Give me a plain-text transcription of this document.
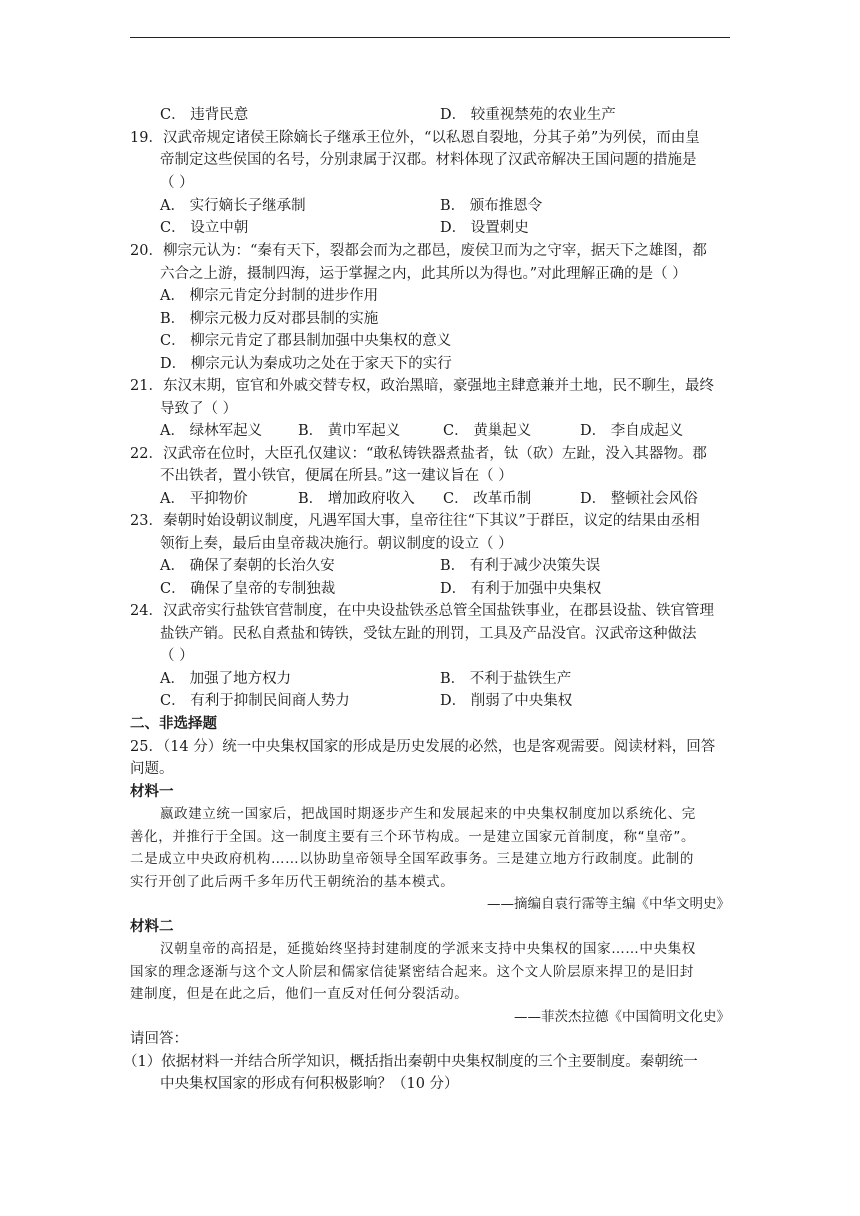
C． 违背民意	D． 较重视禁苑的农业生产
19．汉武帝规定诸侯王除嫡长子继承王位外，“以私恩自裂地，分其子弟”为列侯，而由皇
帝制定这些侯国的名号，分别隶属于汉郡。材料体现了汉武帝解决王国问题的措施是
（ ）
A． 实行嫡长子继承制	B． 颁布推恩令
C． 设立中朝	D． 设置刺史
20．柳宗元认为：“秦有天下，裂都会而为之郡邑，废侯卫而为之守宰，据天下之雄图，都
六合之上游，摄制四海，运于掌握之内，此其所以为得也。”对此理解正确的是（ ）
A． 柳宗元肯定分封制的进步作用
B． 柳宗元极力反对郡县制的实施
C． 柳宗元肯定了郡县制加强中央集权的意义
D． 柳宗元认为秦成功之处在于家天下的实行
21．东汉末期，宦官和外戚交替专权，政治黑暗，豪强地主肆意兼并土地，民不聊生，最终
导致了（ ）
A． 绿林军起义 B． 黄巾军起义	C． 黄巢起义	D． 李自成起义
22．汉武帝在位时，大臣孔仅建议：“敢私铸铁器煮盐者，钛（砍）左趾，没入其器物。郡
不出铁者，置小铁官，便属在所县。”这一建议旨在（ ）
A． 平抑物价	B． 增加政府收入 C． 改革币制	D． 整顿社会风俗
23．秦朝时始设朝议制度，凡遇军国大事，皇帝往往“下其议”于群臣，议定的结果由丞相
领衔上奏，最后由皇帝裁决施行。朝议制度的设立（ ）
A． 确保了秦朝的长治久安	B． 有利于减少决策失误
C． 确保了皇帝的专制独裁	D． 有利于加强中央集权
24．汉武帝实行盐铁官营制度，在中央设盐铁丞总管全国盐铁事业，在郡县设盐、铁官管理
盐铁产销。民私自煮盐和铸铁，受钛左趾的刑罚，工具及产品没官。汉武帝这种做法
（ ）
A． 加强了地方权力	B． 不利于盐铁生产
C． 有利于抑制民间商人势力	D． 削弱了中央集权
二、非选择题
25．（14 分）统一中央集权国家的形成是历史发展的必然，也是客观需要。阅读材料，回答
问题。
材料一
嬴政建立统一国家后，把战国时期逐步产生和发展起来的中央集权制度加以系统化、完
善化，并推行于全国。这一制度主要有三个环节构成。一是建立国家元首制度，称“皇帝”。
二是成立中央政府机构……以协助皇帝领导全国军政事务。三是建立地方行政制度。此制的
实行开创了此后两千多年历代王朝统治的基本模式。
——摘编自袁行霈等主编《中华文明史》
材料二
汉朝皇帝的高招是，延揽始终坚持封建制度的学派来支持中央集权的国家……中央集权
国家的理念逐渐与这个文人阶层和儒家信徒紧密结合起来。这个文人阶层原来捍卫的是旧封
建制度，但是在此之后，他们一直反对任何分裂活动。
——菲茨杰拉德《中国简明文化史》
请回答：
（1）依据材料一并结合所学知识，概括指出秦朝中央集权制度的三个主要制度。秦朝统一
中央集权国家的形成有何积极影响？（10 分）
